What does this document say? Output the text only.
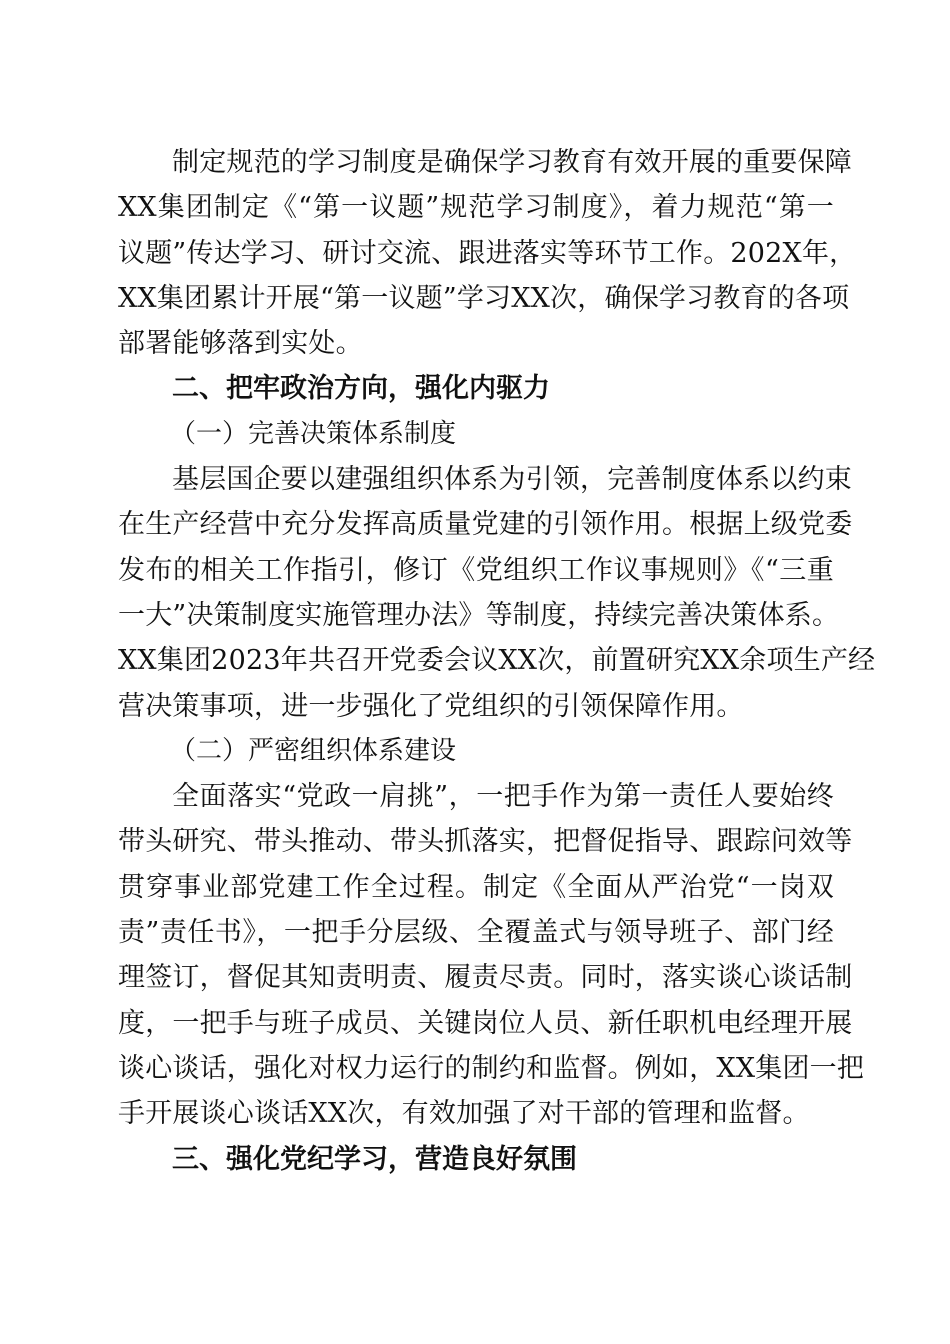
制定规范的学习制度是确保学习教育有效开展的重要保障
XX集团制定《“第一议题”规范学习制度》，着力规范“第一
议题”传达学习、研讨交流、跟进落实等环节工作。202X年，
XX集团累计开展“第一议题”学习XX次，确保学习教育的各项
部署能够落到实处。
二、把牢政治方向，强化内驱力
（一）完善决策体系制度
基层国企要以建强组织体系为引领，完善制度体系以约束
在生产经营中充分发挥高质量党建的引领作用。根据上级党委
发布的相关工作指引，修订《党组织工作议事规则》《“三重
一大”决策制度实施管理办法》等制度，持续完善决策体系。
XX集团2023年共召开党委会议XX次，前置研究XX余项生产经
营决策事项，进一步强化了党组织的引领保障作用。
（二）严密组织体系建设
全面落实“党政一肩挑”，一把手作为第一责任人要始终
带头研究、带头推动、带头抓落实，把督促指导、跟踪问效等
贯穿事业部党建工作全过程。制定《全面从严治党“一岗双
责”责任书》，一把手分层级、全覆盖式与领导班子、部门经
理签订，督促其知责明责、履责尽责。同时，落实谈心谈话制
度，一把手与班子成员、关键岗位人员、新任职机电经理开展
谈心谈话，强化对权力运行的制约和监督。例如，XX集团一把
手开展谈心谈话XX次，有效加强了对干部的管理和监督。
三、强化党纪学习，营造良好氛围
